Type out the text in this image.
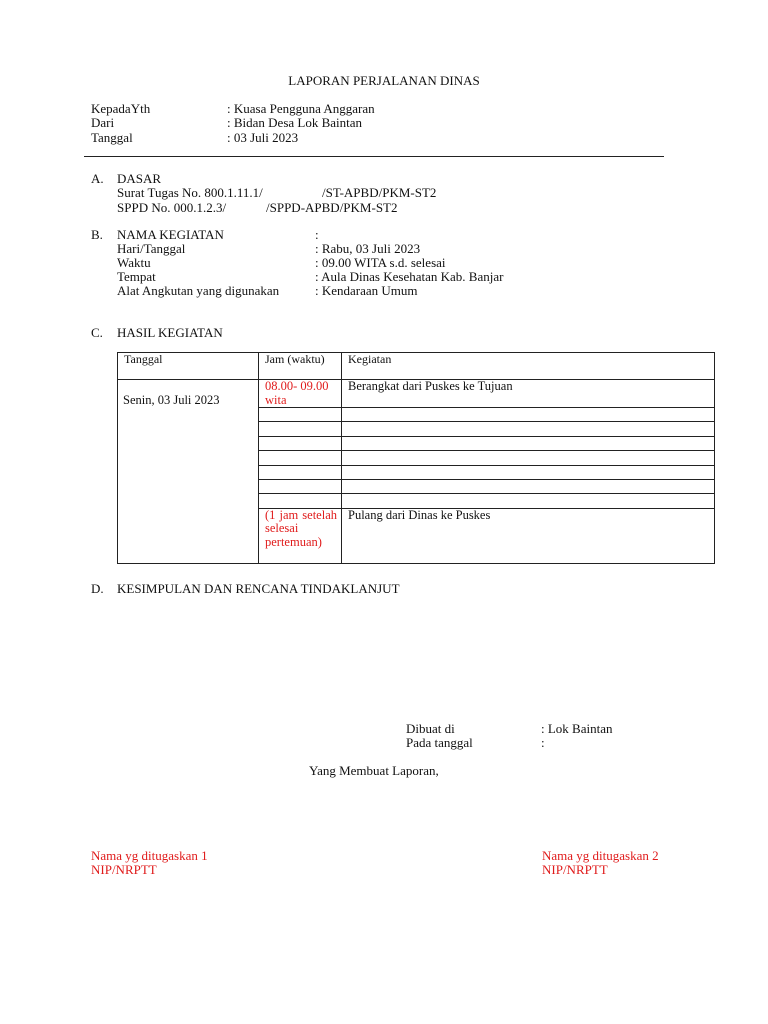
LAPORAN PERJALANAN DINAS
KepadaYth	: Kuasa Pengguna Anggaran
Dari	: Bidan Desa Lok Baintan
Tanggal	: 03 Juli 2023
A. DASAR
Surat Tugas No. 800.1.11.1/	/ST-APBD/PKM-ST2
SPPD No. 000.1.2.3/	/SPPD-APBD/PKM-ST2
B. NAMA KEGIATAN	:
Hari/Tanggal	: Rabu, 03 Juli 2023
Waktu	: 09.00 WITA s.d. selesai
Tempat	: Aula Dinas Kesehatan Kab. Banjar
Alat Angkutan yang digunakan	: Kendaraan Umum
C. HASIL KEGIATAN
Tanggal	Jam (waktu)	Kegiatan
Senin, 03 Juli 2023	08.00- 09.00 wita	Berangkat dari Puskes ke Tujuan

	(1 jam setelah selesai pertemuan)	Pulang dari Dinas ke Puskes
D. KESIMPULAN DAN RENCANA TINDAKLANJUT
Dibuat di	: Lok Baintan
Pada tanggal	:
Yang Membuat Laporan,
Nama yg ditugaskan 1
NIP/NRPTT
Nama yg ditugaskan 2
NIP/NRPTT
